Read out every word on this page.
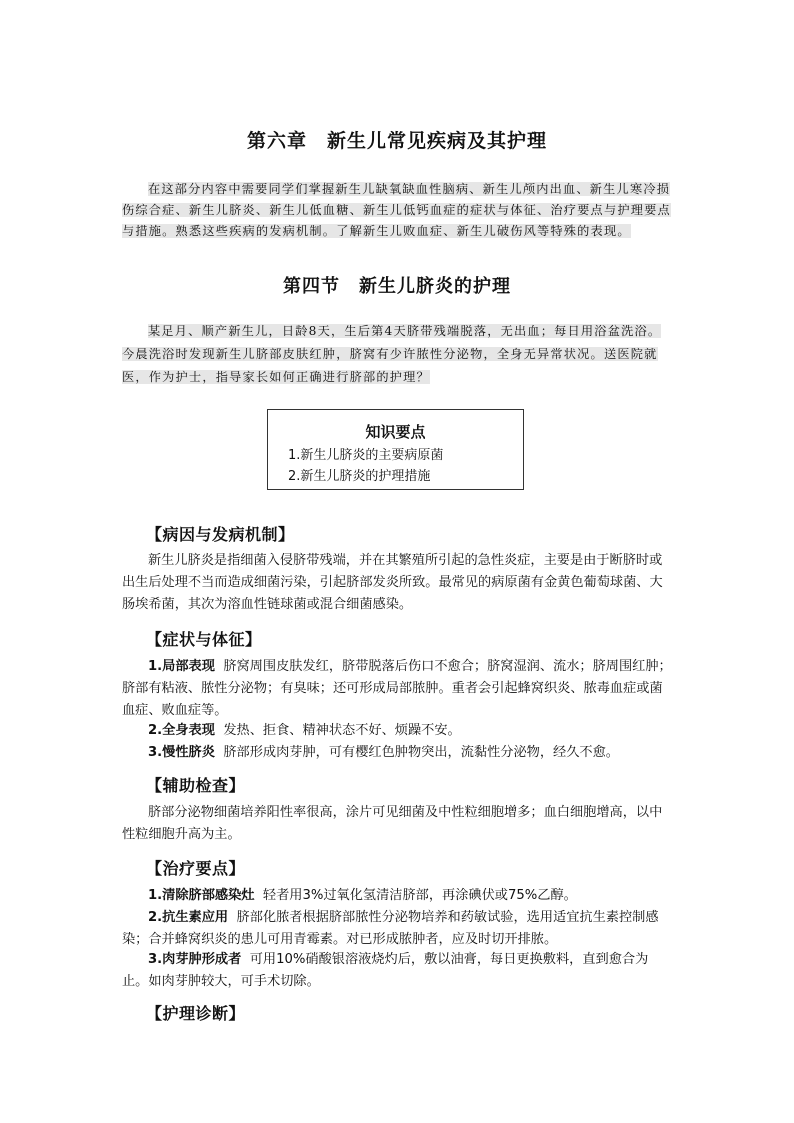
第六章　新生儿常见疾病及其护理
在这部分内容中需要同学们掌握新生儿缺氧缺血性脑病、新生儿颅内出血、新生儿寒冷损伤综合症、新生儿脐炎、新生儿低血糖、新生儿低钙血症的症状与体征、治疗要点与护理要点与措施。熟悉这些疾病的发病机制。了解新生儿败血症、新生儿破伤风等特殊的表现。
第四节　新生儿脐炎的护理
某足月、顺产新生儿，日龄8天，生后第4天脐带残端脱落，无出血；每日用浴盆洗浴。今晨洗浴时发现新生儿脐部皮肤红肿，脐窝有少许脓性分泌物，全身无异常状况。送医院就医，作为护士，指导家长如何正确进行脐部的护理？
知识要点
1.新生儿脐炎的主要病原菌
2.新生儿脐炎的护理措施
【病因与发病机制】
新生儿脐炎是指细菌入侵脐带残端，并在其繁殖所引起的急性炎症，主要是由于断脐时或出生后处理不当而造成细菌污染，引起脐部发炎所致。最常见的病原菌有金黄色葡萄球菌、大肠埃希菌，其次为溶血性链球菌或混合细菌感染。
【症状与体征】
1.局部表现 脐窝周围皮肤发红，脐带脱落后伤口不愈合；脐窝湿润、流水；脐周围红肿；脐部有粘液、脓性分泌物；有臭味；还可形成局部脓肿。重者会引起蜂窝织炎、脓毒血症或菌血症、败血症等。
2.全身表现 发热、拒食、精神状态不好、烦躁不安。
3.慢性脐炎 脐部形成肉芽肿，可有樱红色肿物突出，流黏性分泌物，经久不愈。
【辅助检查】
脐部分泌物细菌培养阳性率很高，涂片可见细菌及中性粒细胞增多；血白细胞增高，以中性粒细胞升高为主。
【治疗要点】
1.清除脐部感染灶 轻者用3%过氧化氢清洁脐部，再涂碘伏或75%乙醇。
2.抗生素应用 脐部化脓者根据脐部脓性分泌物培养和药敏试验，选用适宜抗生素控制感染；合并蜂窝织炎的患儿可用青霉素。对已形成脓肿者，应及时切开排脓。
3.肉芽肿形成者 可用10%硝酸银溶液烧灼后，敷以油膏，每日更换敷料，直到愈合为止。如肉芽肿较大，可手术切除。
【护理诊断】
